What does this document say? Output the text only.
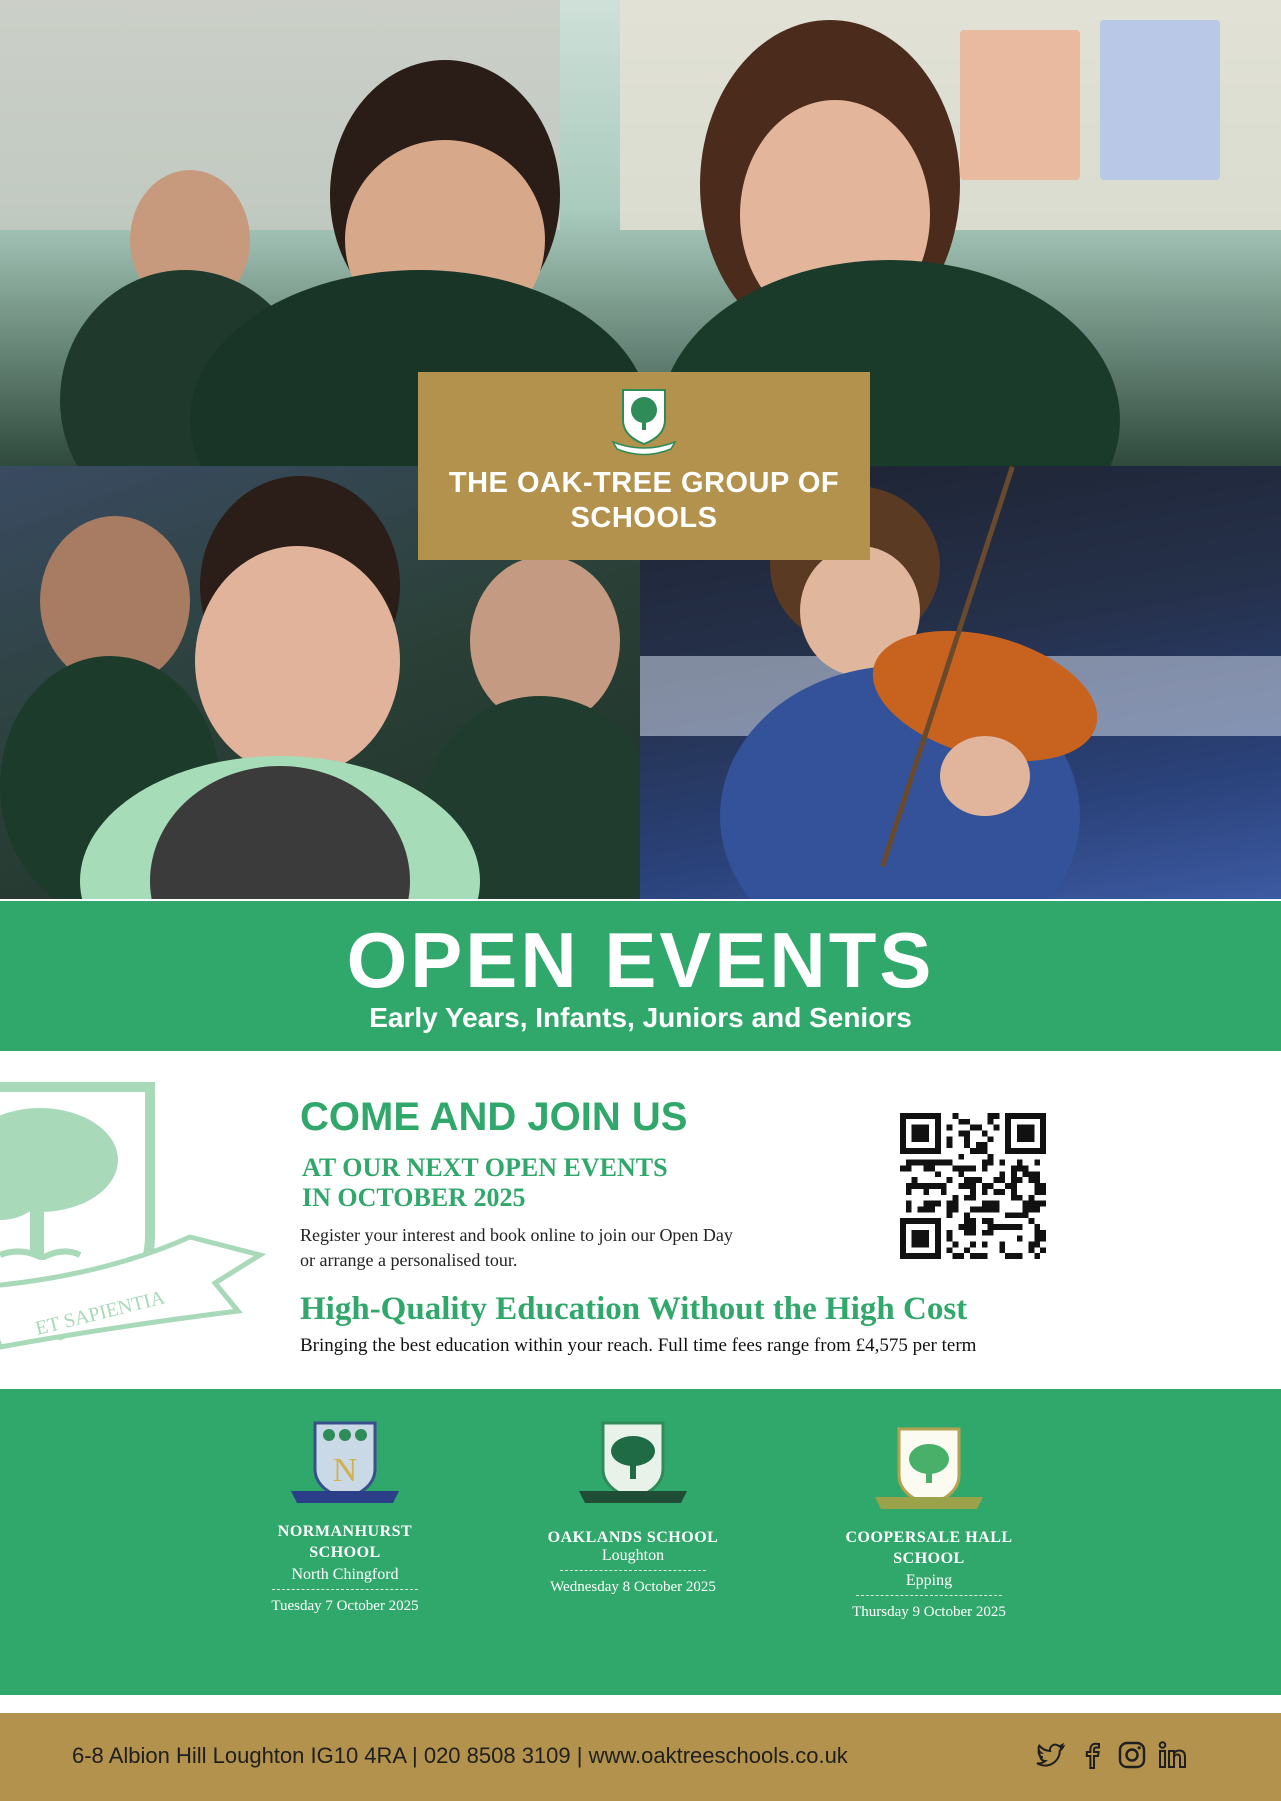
THE OAK-TREE GROUP OF SCHOOLS
OPEN EVENTS
Early Years, Infants, Juniors and Seniors
ET SAPIENTIA
COME AND JOIN US
AT OUR NEXT OPEN EVENTS
IN OCTOBER 2025
Register your interest and book online to join our Open Day
or arrange a personalised tour.
High-Quality Education Without the High Cost
Bringing the best education within your reach. Full time fees range from £4,575 per term
N
NORMANHURST
SCHOOL
North Chingford
Tuesday 7 October 2025
OAKLANDS SCHOOL
Loughton
Wednesday 8 October 2025
COOPERSALE HALL
SCHOOL
Epping
Thursday 9 October 2025
6-8 Albion Hill Loughton IG10 4RA | 020 8508 3109 | www.oaktreeschools.co.uk
